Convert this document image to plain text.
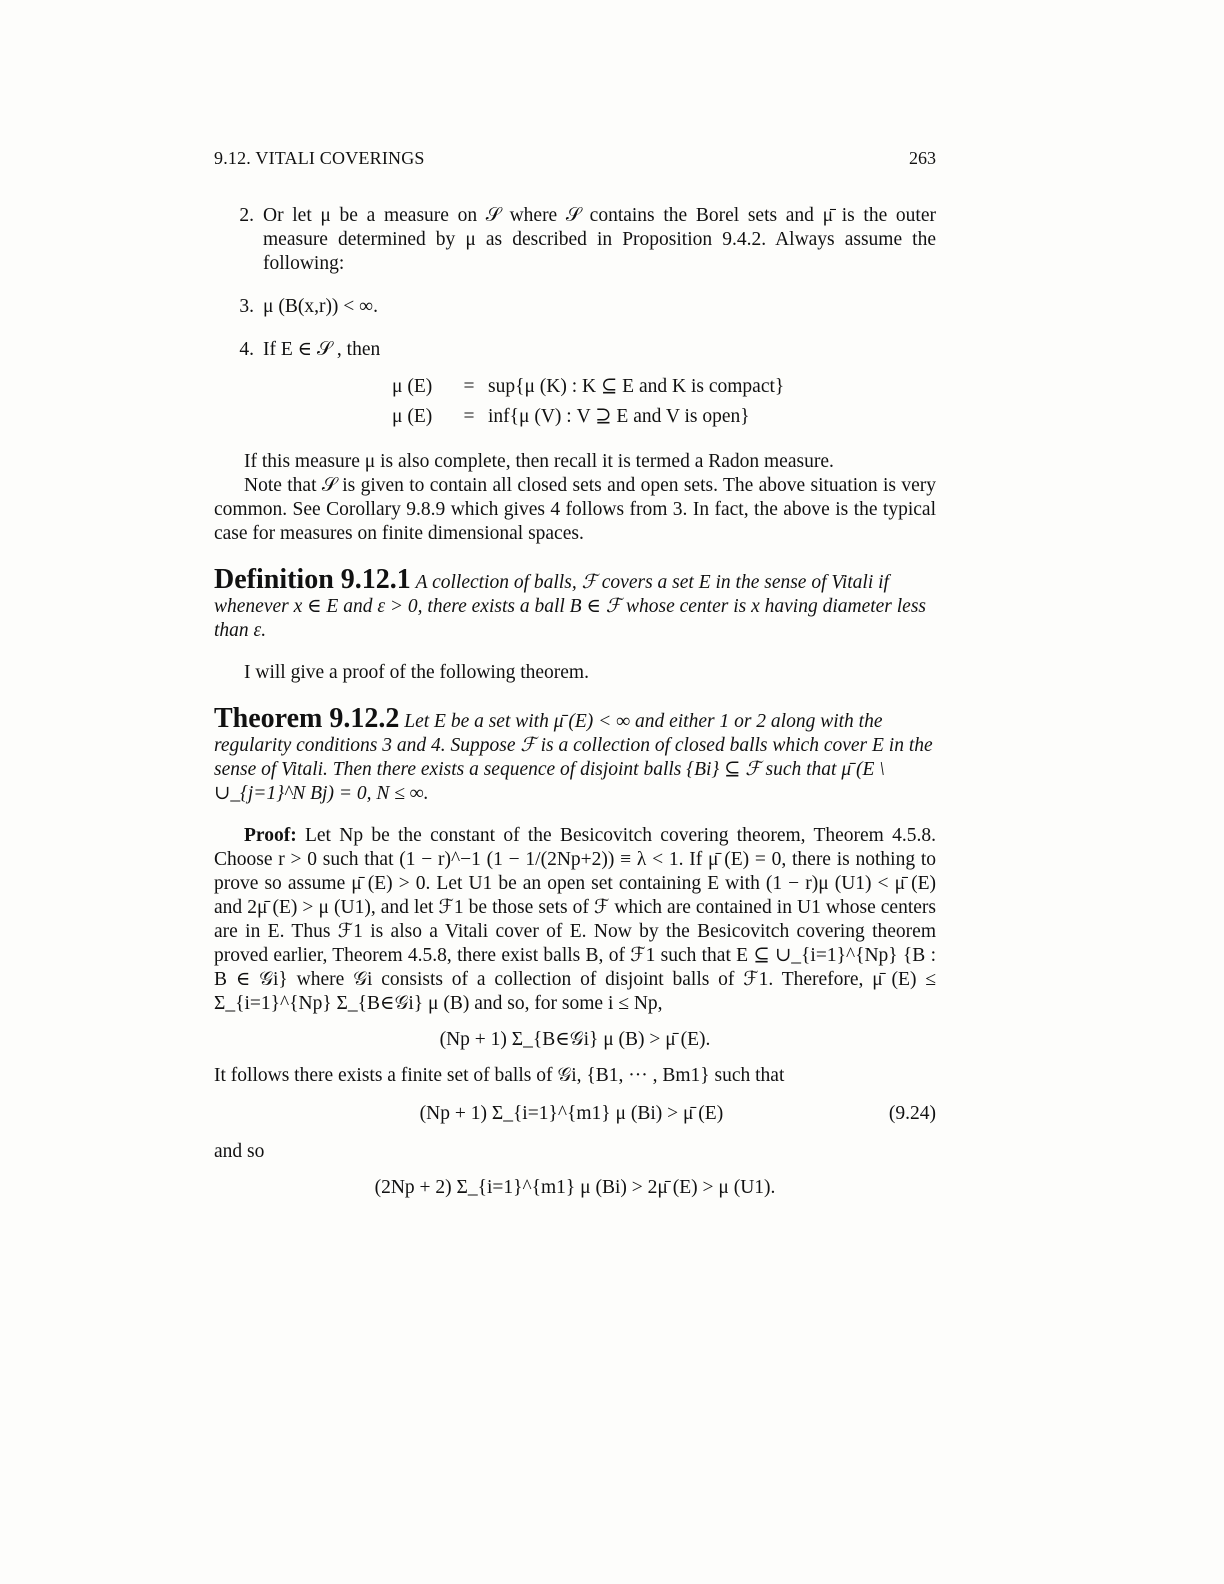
9.12. VITALI COVERINGS	263
2. Or let μ be a measure on 𝒮 where 𝒮 contains the Borel sets and μ̄ is the outer measure determined by μ as described in Proposition 9.4.2. Always assume the following:
3. μ (B(x,r)) < ∞.
4. If E ∈ 𝒮 , then
μ (E)	= sup{μ (K) : K ⊆ E and K is compact}
μ (E)	= inf{μ (V) : V ⊇ E and V is open}

If this measure μ is also complete, then recall it is termed a Radon measure.

Note that 𝒮 is given to contain all closed sets and open sets. The above situation is very common. See Corollary 9.8.9 which gives 4 follows from 3. In fact, the above is the typical case for measures on finite dimensional spaces.

Definition 9.12.1 A collection of balls, ℱ covers a set E in the sense of Vitali if whenever x ∈ E and ε > 0, there exists a ball B ∈ ℱ whose center is x having diameter less than ε.

I will give a proof of the following theorem.

Theorem 9.12.2 Let E be a set with μ̄ (E) < ∞ and either 1 or 2 along with the regularity conditions 3 and 4. Suppose ℱ is a collection of closed balls which cover E in the sense of Vitali. Then there exists a sequence of disjoint balls {Bi} ⊆ ℱ such that μ̄ (E \ ∪_{j=1}^N Bj) = 0, N ≤ ∞.

Proof: Let Np be the constant of the Besicovitch covering theorem, Theorem 4.5.8. Choose r > 0 such that (1 − r)^−1 (1 − 1/(2Np+2)) ≡ λ < 1. If μ̄ (E) = 0, there is nothing to prove so assume μ̄ (E) > 0. Let U1 be an open set containing E with (1 − r)μ (U1) < μ̄ (E) and 2μ̄ (E) > μ (U1), and let ℱ1 be those sets of ℱ which are contained in U1 whose centers are in E. Thus ℱ1 is also a Vitali cover of E. Now by the Besicovitch covering theorem proved earlier, Theorem 4.5.8, there exist balls B, of ℱ1 such that E ⊆ ∪_{i=1}^{Np} {B : B ∈ 𝒢i} where 𝒢i consists of a collection of disjoint balls of ℱ1. Therefore, μ̄ (E) ≤ Σ_{i=1}^{Np} Σ_{B∈𝒢i} μ (B) and so, for some i ≤ Np,

(Np + 1) Σ_{B∈𝒢i} μ (B) > μ̄ (E).

It follows there exists a finite set of balls of 𝒢i, {B1, ··· , Bm1} such that

(Np + 1) Σ_{i=1}^{m1} μ (Bi) > μ̄ (E)	(9.24)

and so

(2Np + 2) Σ_{i=1}^{m1} μ (Bi) > 2μ̄ (E) > μ (U1).
